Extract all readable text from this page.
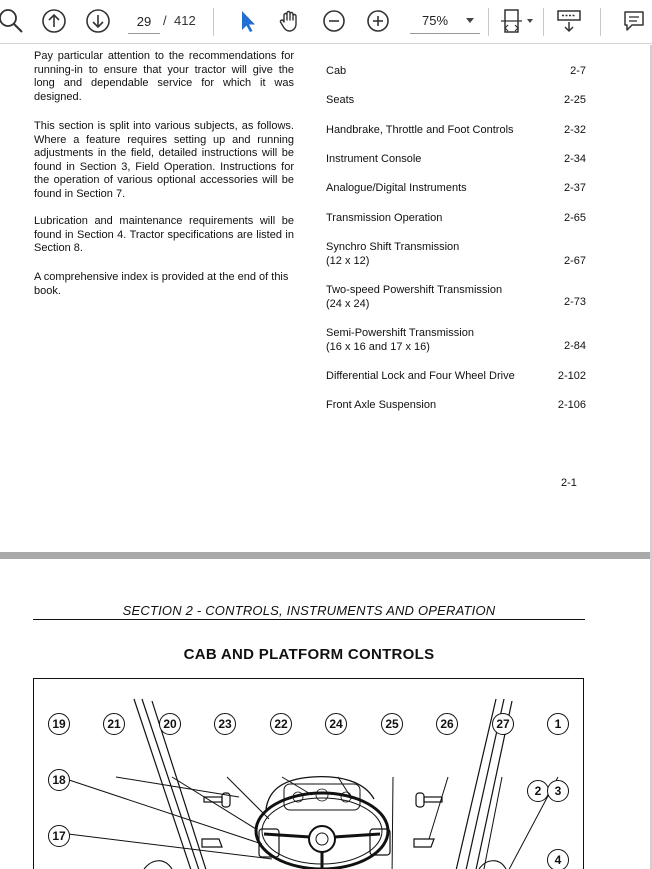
29
/ 412	75%

Pay particular attention to the recommendations for running-in to ensure that your tractor will give the long and dependable service for which it was designed.

This section is split into various subjects, as follows. Where a feature requires setting up and running adjustments in the field, detailed instructions will be found in Section 3, Field Operation. Instructions for the operation of various optional accessories will be found in Section 7.

Lubrication and maintenance requirements will be found in Section 4. Tractor specifications are listed in Section 8.

A comprehensive index is provided at the end of this book.

Cab	2-7
Seats	2-25
Handbrake, Throttle and Foot Controls	2-32
Instrument Console	2-34
Analogue/Digital Instruments	2-37
Transmission Operation	2-65
Synchro Shift Transmission
(12 x 12)	2-67
Two-speed Powershift Transmission
(24 x 24)	2-73
Semi-Powershift Transmission
(16 x 16 and 17 x 16)	2-84
Differential Lock and Four Wheel Drive	2-102
Front Axle Suspension	2-106
2-1
SECTION 2 - CONTROLS, INSTRUMENTS AND OPERATION
CAB AND PLATFORM CONTROLS
19	21	20	23	22	24	25	26	27	1
18
2	3
17
4
